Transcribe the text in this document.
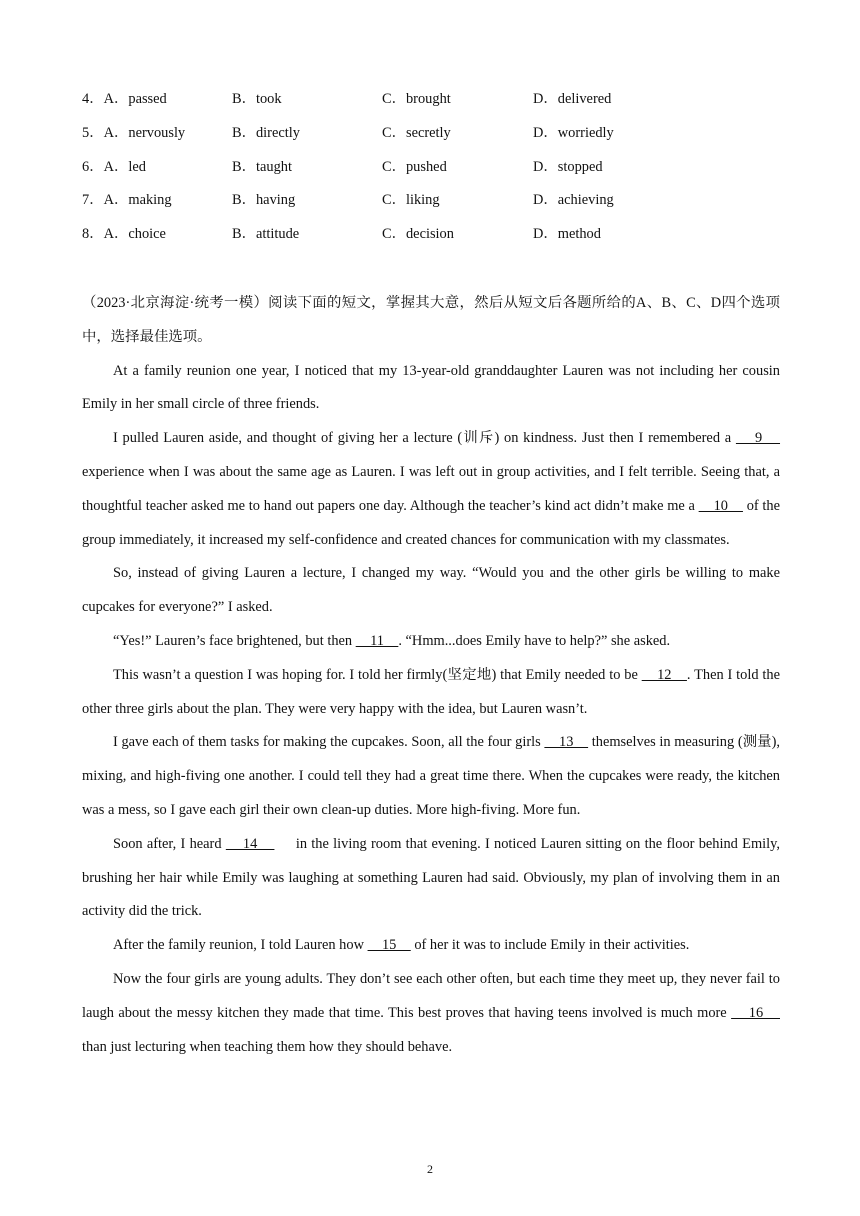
4．A．passed	B．took	C．brought	D．delivered
5．A．nervously	B．directly	C．secretly	D．worriedly
6．A．led	B．taught	C．pushed	D．stopped
7．A．making	B．having	C．liking	D．achieving
8．A．choice	B．attitude	C．decision	D．method

（2023·北京海淀·统考一模）阅读下面的短文，掌握其大意，然后从短文后各题所给的A、B、C、D四个选项中，选择最佳选项。

At a family reunion one year, I noticed that my 13-year-old granddaughter Lauren was not including her cousin Emily in her small circle of three friends.

I pulled Lauren aside, and thought of giving her a lecture (训斥) on kindness. Just then I remembered a     9     experience when I was about the same age as Lauren. I was left out in group activities, and I felt terrible. Seeing that, a thoughtful teacher asked me to hand out papers one day. Although the teacher’s kind act didn’t make me a     10     of the group immediately, it increased my self-confidence and created chances for communication with my classmates.

So, instead of giving Lauren a lecture, I changed my way. “Would you and the other girls be willing to make cupcakes for everyone?” I asked.

“Yes!” Lauren’s face brightened, but then     11    . “Hmm...does Emily have to help?” she asked.

This wasn’t a question I was hoping for. I told her firmly(坚定地) that Emily needed to be     12    . Then I told the other three girls about the plan. They were very happy with the idea, but Lauren wasn’t.

I gave each of them tasks for making the cupcakes. Soon, all the four girls     13     themselves in measuring (测量), mixing, and high-fiving one another. I could tell they had a great time there. When the cupcakes were ready, the kitchen was a mess, so I gave each girl their own clean-up duties. More high-fiving. More fun.

Soon after, I heard     14         in the living room that evening. I noticed Lauren sitting on the floor behind Emily, brushing her hair while Emily was laughing at something Lauren had said. Obviously, my plan of involving them in an activity did the trick.

After the family reunion, I told Lauren how     15     of her it was to include Emily in their activities.

Now the four girls are young adults. They don’t see each other often, but each time they meet up, they never fail to laugh about the messy kitchen they made that time. This best proves that having teens involved is much more     16     than just lecturing when teaching them how they should behave.

2
